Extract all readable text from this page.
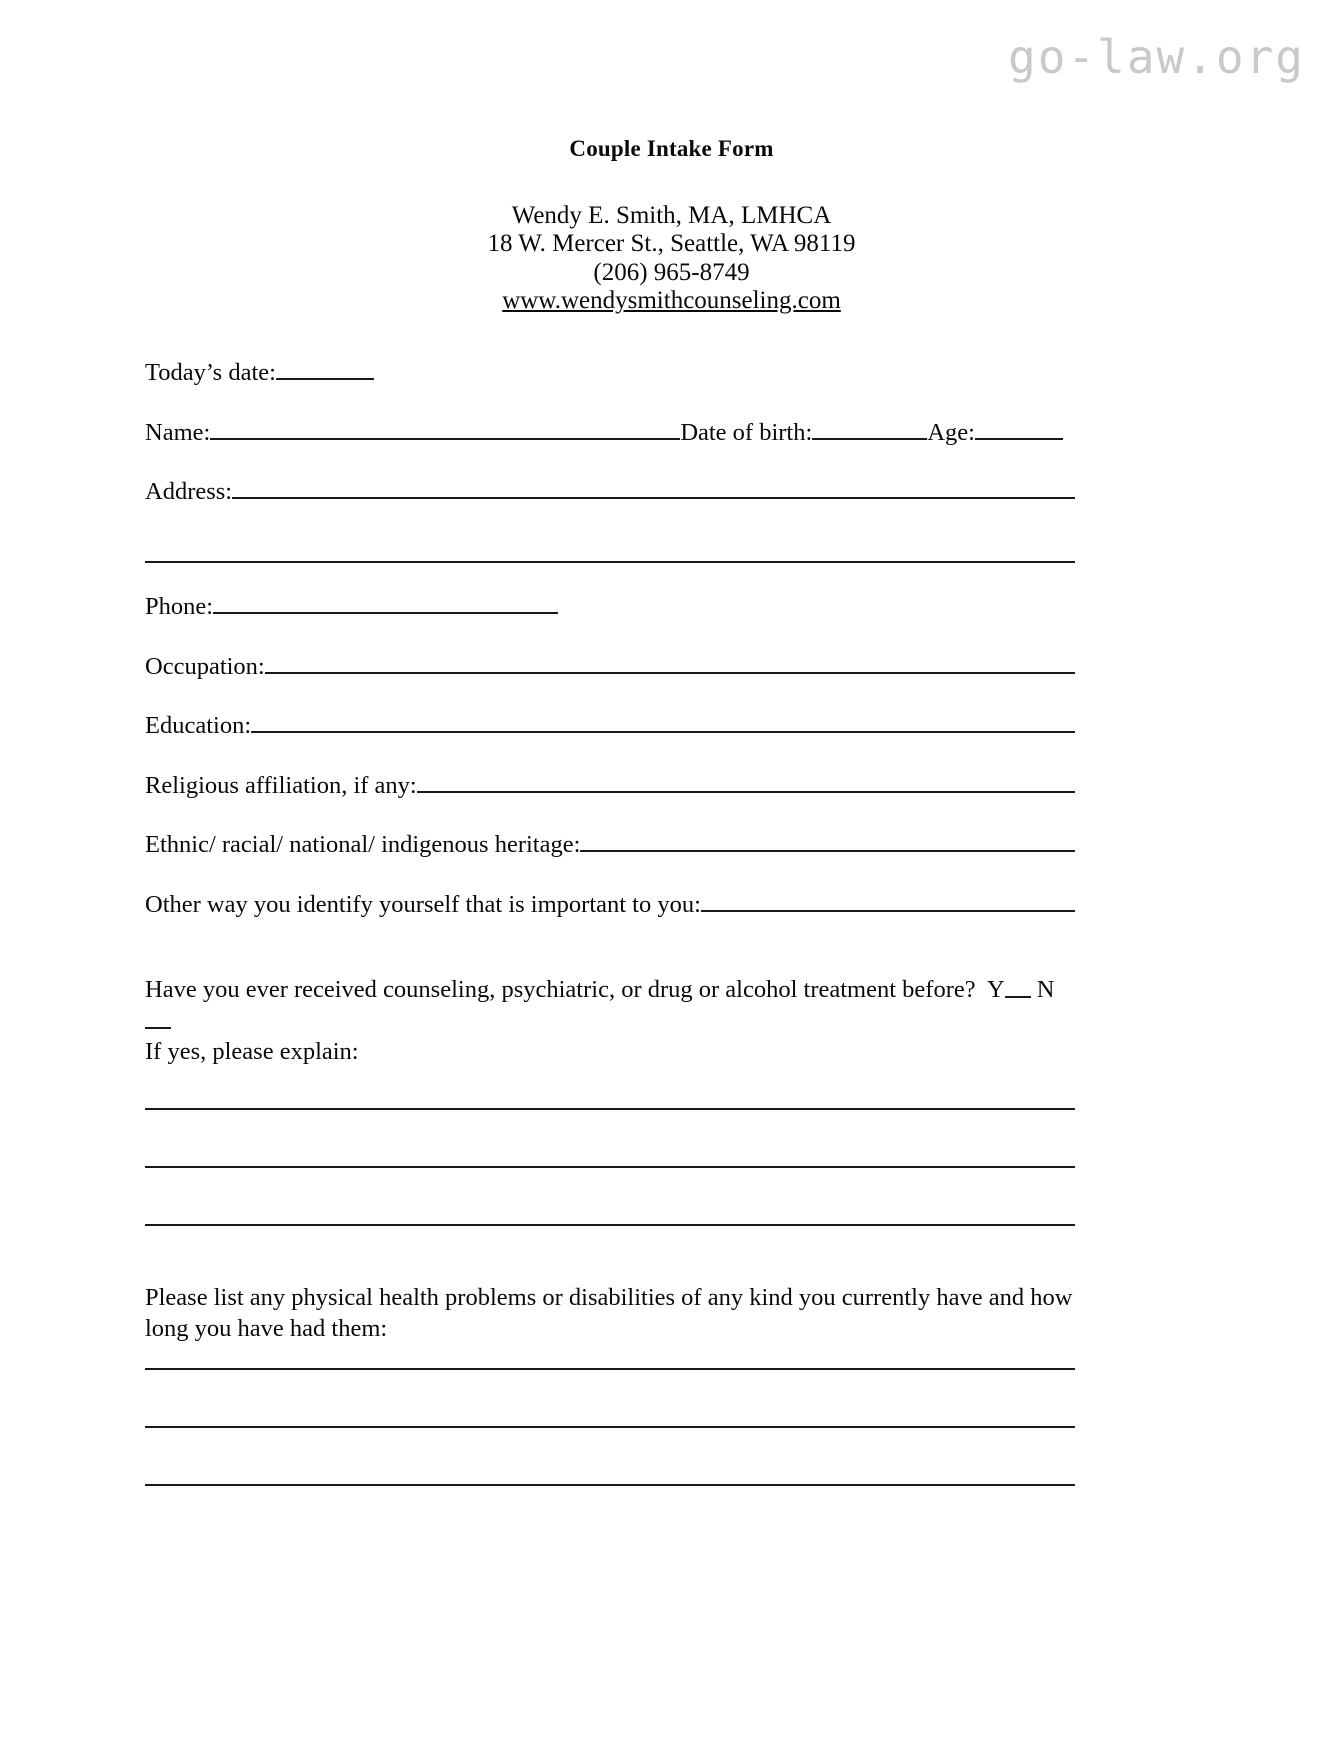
go-law.org
Couple Intake Form
Wendy E. Smith, MA, LMHCA
18 W. Mercer St., Seattle, WA 98119
(206) 965-8749
www.wendysmithcounseling.com
Today’s date:
Name:	Date of birth:	Age:
Address:
Phone:
Occupation:
Education:
Religious affiliation, if any:
Ethnic/ racial/ national/ indigenous heritage:
Other way you identify yourself that is important to you:

Have you ever received counseling, psychiatric, or drug or alcohol treatment before? Y N

If yes, please explain:

Please list any physical health problems or disabilities of any kind you currently have and how long you have had them:
